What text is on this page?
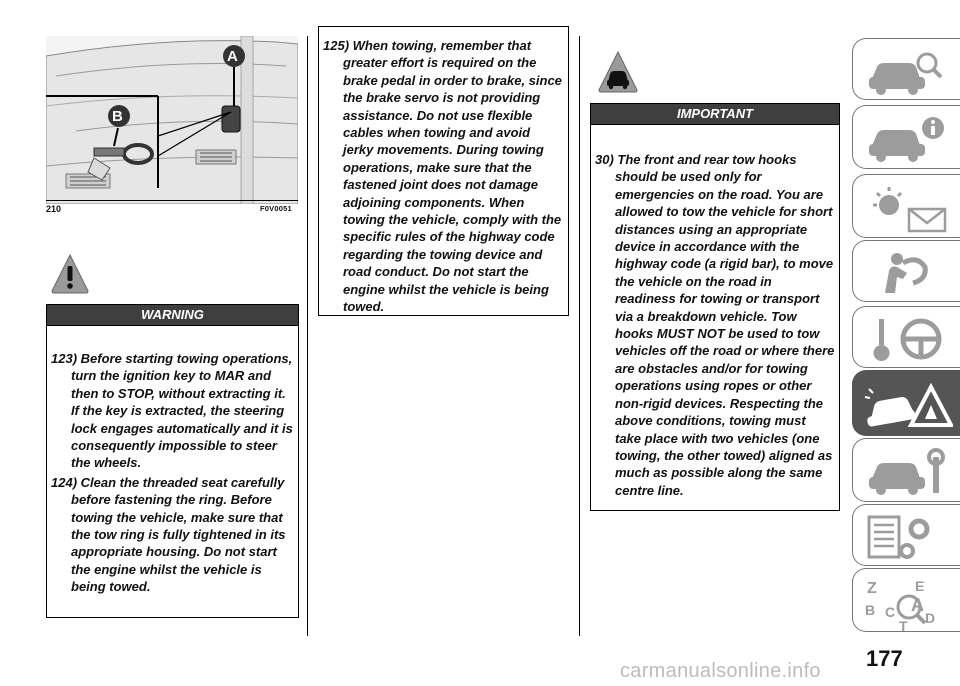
A
B
210	F0V0051
WARNING

123) Before starting towing operations, turn the ignition key to MAR and then to STOP, without extracting it. If the key is extracted, the steering lock engages automatically and it is consequently impossible to steer the wheels.

124) Clean the threaded seat carefully before fastening the ring. Before towing the vehicle, make sure that the tow ring is fully tightened in its appropriate housing. Do not start the engine whilst the vehicle is being towed.

125) When towing, remember that greater effort is required on the brake pedal in order to brake, since the brake servo is not providing assistance. Do not use flexible cables when towing and avoid jerky movements. During towing operations, make sure that the fastened joint does not damage adjoining components. When towing the vehicle, comply with the specific rules of the highway code regarding the towing device and road conduct. Do not start the engine whilst the vehicle is being towed.

IMPORTANT

30) The front and rear tow hooks should be used only for emergencies on the road. You are allowed to tow the vehicle for short distances using an appropriate device in accordance with the highway code (a rigid bar), to move the vehicle on the road in readiness for towing or transport via a breakdown vehicle. Tow hooks MUST NOT be used to tow vehicles off the road or where there are obstacles and/or for towing operations using ropes or other non-rigid devices. Respecting the above conditions, towing must take place with two vehicles (one towing, the other towed) aligned as much as possible along the same centre line.

Z	E
B A
C D
T
177
carmanualsonline.info
